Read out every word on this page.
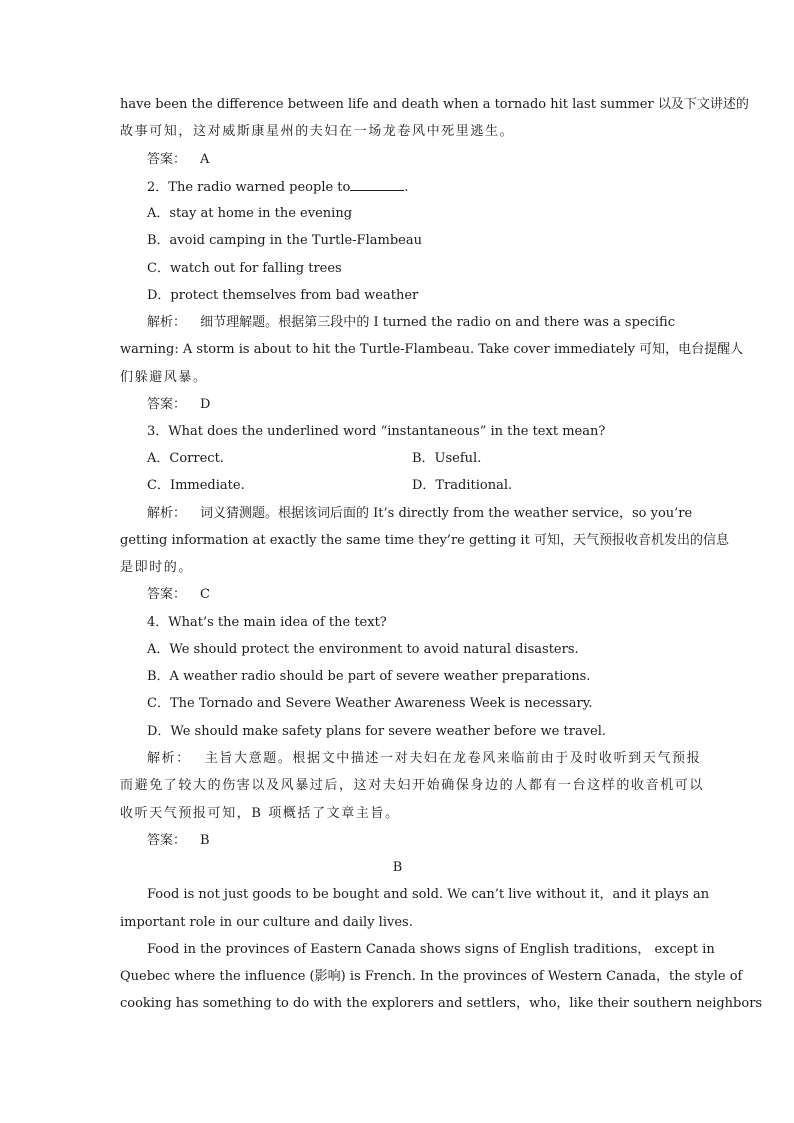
have been the difference between life and death when a tornado hit last summer 以及下文讲述的
故事可知，这对威斯康星州的夫妇在一场龙卷风中死里逃生。
答案： A
2．The radio warned people to	.
A．stay at home in the evening
B．avoid camping in the Turtle-Flambeau
C．watch out for falling trees
D．protect themselves from bad weather
解析： 细节理解题。根据第三段中的 I turned the radio on and there was a specific
warning: A storm is about to hit the Turtle-Flambeau. Take cover immediately 可知，电台提醒人
们躲避风暴。
答案： D
3．What does the underlined word “instantaneous” in the text mean?
A．Correct.	B．Useful.
C．Immediate.	D．Traditional.
解析： 词义猜测题。根据该词后面的 It’s directly from the weather service，so you’re
getting information at exactly the same time they’re getting it 可知，天气预报收音机发出的信息
是即时的。
答案： C
4．What’s the main idea of the text?
A．We should protect the environment to avoid natural disasters.
B．A weather radio should be part of severe weather preparations.
C．The Tornado and Severe Weather Awareness Week is necessary.
D．We should make safety plans for severe weather before we travel.
解析： 主旨大意题。根据文中描述一对夫妇在龙卷风来临前由于及时收听到天气预报
而避免了较大的伤害以及风暴过后，这对夫妇开始确保身边的人都有一台这样的收音机可以
收听天气预报可知，B 项概括了文章主旨。
答案： B
B
Food is not just goods to be bought and sold. We can’t live without it，and it plays an
important role in our culture and daily lives.
Food in the provinces of Eastern Canada shows signs of English traditions， except in
Quebec where the influence (影响) is French. In the provinces of Western Canada，the style of
cooking has something to do with the explorers and settlers，who，like their southern neighbors
